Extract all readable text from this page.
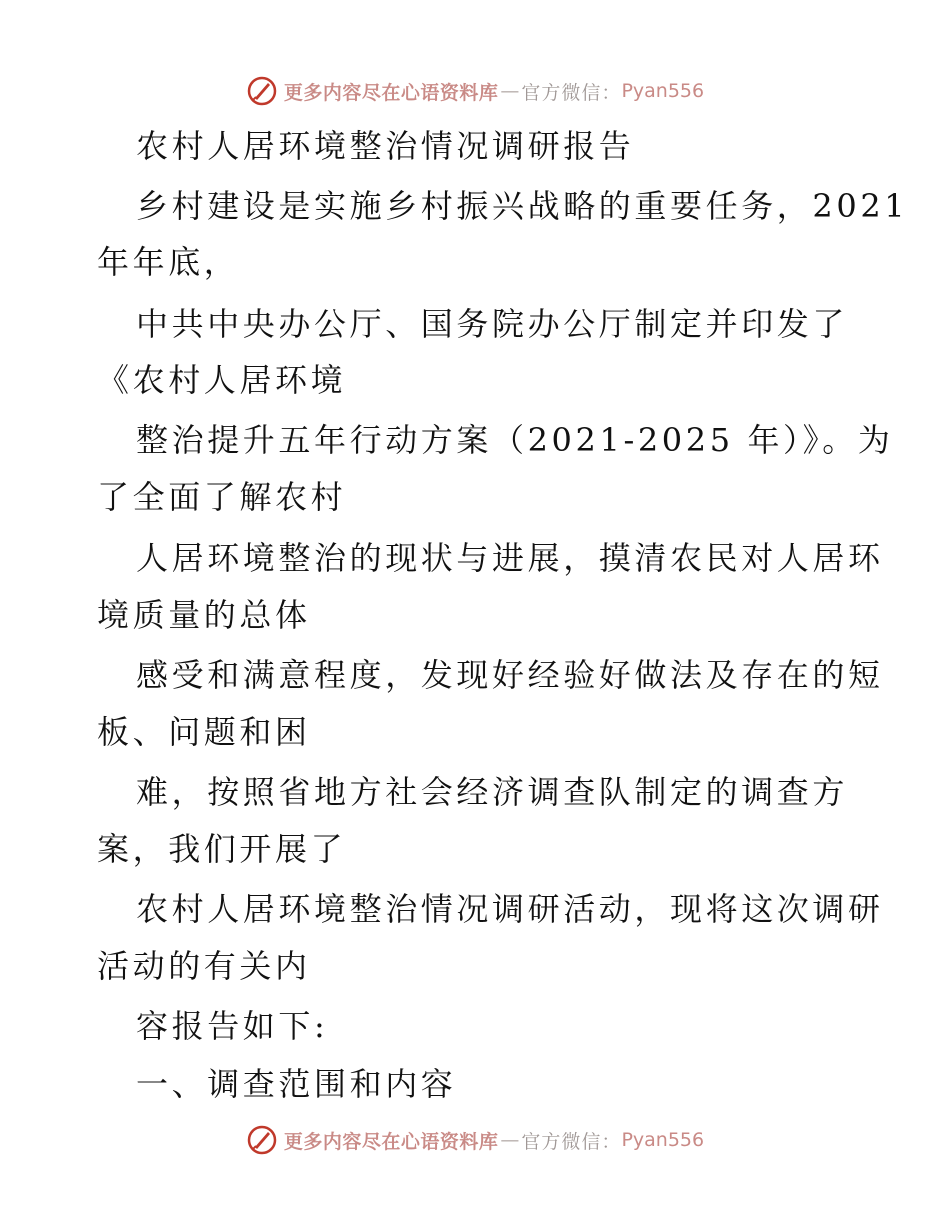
更多内容尽在心语资料库 — 官方微信： Pyan556
农村人居环境整治情况调研报告
乡村建设是实施乡村振兴战略的重要任务，2021
年年底，
中共中央办公厅、国务院办公厅制定并印发了
《农村人居环境
整治提升五年行动方案（2021-2025 年）》。为
了全面了解农村
人居环境整治的现状与进展，摸清农民对人居环
境质量的总体
感受和满意程度，发现好经验好做法及存在的短
板、问题和困
难，按照省地方社会经济调查队制定的调查方
案，我们开展了
农村人居环境整治情况调研活动，现将这次调研
活动的有关内
容报告如下:
一、调查范围和内容
更多内容尽在心语资料库 — 官方微信： Pyan556
